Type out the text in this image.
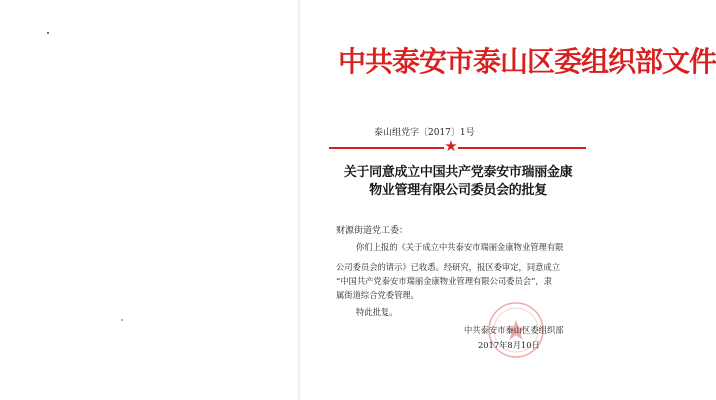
中共泰安市泰山区委组织部文件
泰山组党字〔2017〕1号
★
关于同意成立中国共产党泰安市瑞丽金康
物业管理有限公司委员会的批复
财源街道党工委：
你们上报的《关于成立中共泰安市瑞丽金康物业管理有限
公司委员会的请示》已收悉。经研究，报区委审定，同意成立
“中国共产党泰安市瑞丽金康物业管理有限公司委员会”，隶
属街道综合党委管理。
特此批复。
中共泰安市泰山区委组织部
2017年8月10日
